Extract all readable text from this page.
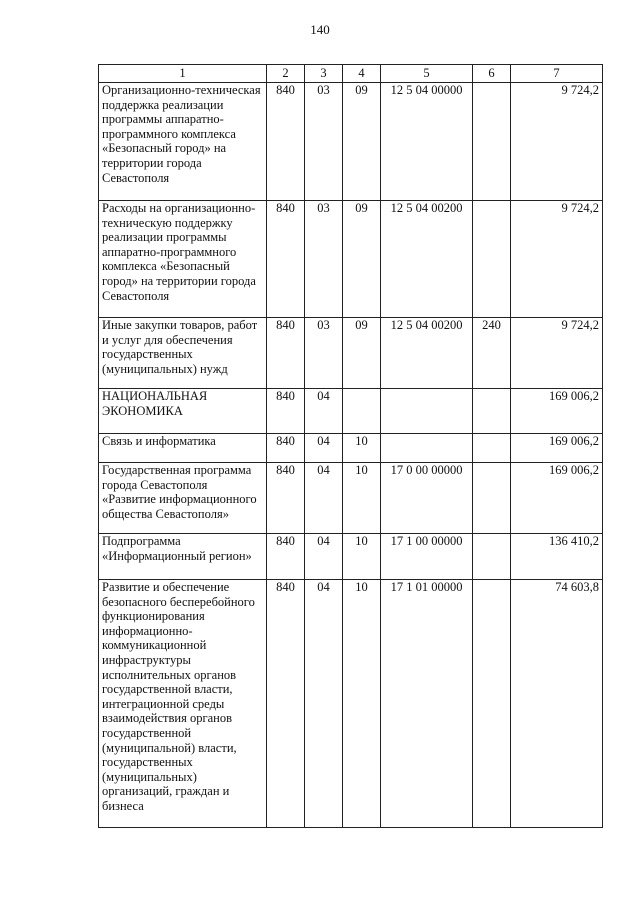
140
1	2	3	4	5	6	7
Организационно-техническая поддержка реализации программы аппаратно-программного комплекса «Безопасный город» на территории города Севастополя	840	03	09	12 5 04 00000		9 724,2
Расходы на организационно-техническую поддержку реализации программы аппаратно-программного комплекса «Безопасный город» на территории города Севастополя	840	03	09	12 5 04 00200		9 724,2
Иные закупки товаров, работ и услуг для обеспечения государственных (муниципальных) нужд	840	03	09	12 5 04 00200	240	9 724,2
НАЦИОНАЛЬНАЯ ЭКОНОМИКА	840	04				169 006,2
Связь и информатика	840	04	10			169 006,2
Государственная программа города Севастополя «Развитие информационного общества Севастополя»	840	04	10	17 0 00 00000		169 006,2
Подпрограмма «Информационный регион»	840	04	10	17 1 00 00000		136 410,2
Развитие и обеспечение безопасного бесперебойного функционирования информационно-коммуникационной инфраструктуры исполнительных органов государственной власти, интеграционной среды взаимодействия органов государственной (муниципальной) власти, государственных (муниципальных) организаций, граждан и бизнеса	840	04	10	17 1 01 00000		74 603,8
